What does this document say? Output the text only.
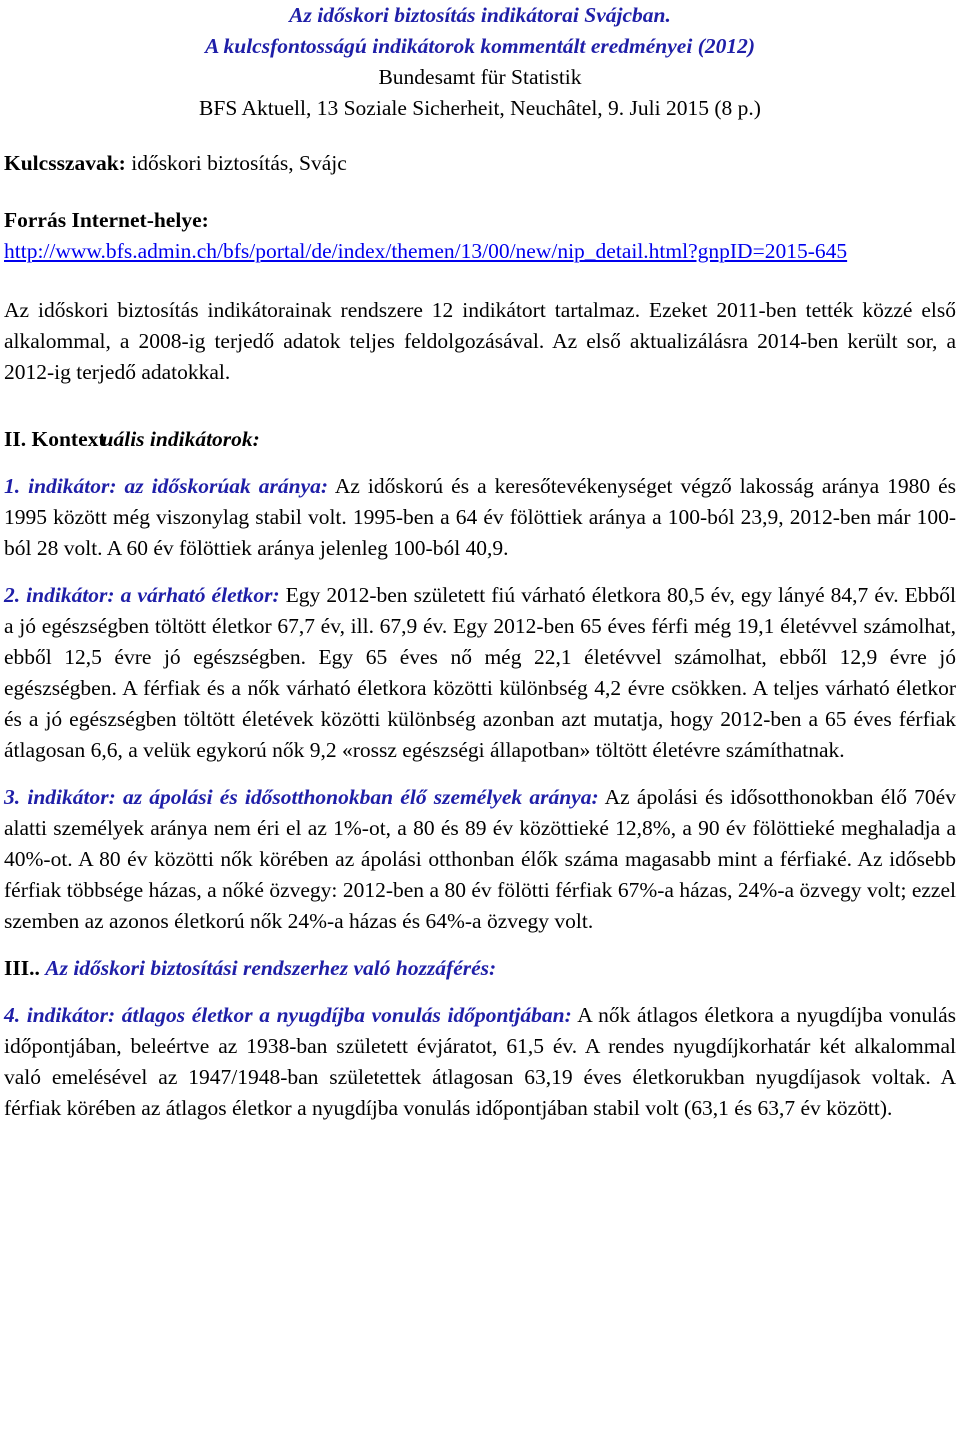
Az időskori biztosítás indikátorai Svájcban.
A kulcsfontosságú indikátorok kommentált eredményei (2012)
Bundesamt für Statistik
BFS Aktuell, 13 Soziale Sicherheit, Neuchâtel, 9. Juli 2015 (8 p.)
Kulcsszavak: időskori biztosítás, Svájc
Forrás Internet-helye:
http://www.bfs.admin.ch/bfs/portal/de/index/themen/13/00/new/nip_detail.html?gnpID=2015-645

Az időskori biztosítás indikátorainak rendszere 12 indikátort tartalmaz. Ezeket 2011-ben tették közzé első alkalommal, a 2008-ig terjedő adatok teljes feldolgozásával. Az első aktualizálásra 2014-ben került sor, a 2012-ig terjedő adatokkal.

II. Kontextuális indikátorok:

1. indikátor: az időskorúak aránya: Az időskorú és a keresőtevékenységet végző lakosság aránya 1980 és 1995 között még viszonylag stabil volt. 1995-ben a 64 év fölöttiek aránya a 100-ból 23,9, 2012-ben már 100-ból 28 volt. A 60 év fölöttiek aránya jelenleg 100-ból 40,9.

2. indikátor: a várható életkor: Egy 2012-ben született fiú várható életkora 80,5 év, egy lányé 84,7 év. Ebből a jó egészségben töltött életkor 67,7 év, ill. 67,9 év. Egy 2012-ben 65 éves férfi még 19,1 életévvel számolhat, ebből 12,5 évre jó egészségben. Egy 65 éves nő még 22,1 életévvel számolhat, ebből 12,9 évre jó egészségben. A férfiak és a nők várható életkora közötti különbség 4,2 évre csökken. A teljes várható életkor és a jó egészségben töltött életévek közötti különbség azonban azt mutatja, hogy 2012-ben a 65 éves férfiak átlagosan 6,6, a velük egykorú nők 9,2 «rossz egészségi állapotban» töltött életévre számíthatnak.

3. indikátor: az ápolási és idősotthonokban élő személyek aránya: Az ápolási és idősotthonokban élő 70év alatti személyek aránya nem éri el az 1%-ot, a 80 és 89 év közöttieké 12,8%, a 90 év fölöttieké meghaladja a 40%-ot. A 80 év közötti nők körében az ápolási otthonban élők száma magasabb mint a férfiaké. Az idősebb férfiak többsége házas, a nőké özvegy: 2012-ben a 80 év fölötti férfiak 67%-a házas, 24%-a özvegy volt; ezzel szemben az azonos életkorú nők 24%-a házas és 64%-a özvegy volt.

III.. Az időskori biztosítási rendszerhez való hozzáférés:

4. indikátor: átlagos életkor a nyugdíjba vonulás időpontjában: A nők átlagos életkora a nyugdíjba vonulás időpontjában, beleértve az 1938-ban született évjáratot, 61,5 év. A rendes nyugdíjkorhatár két alkalommal való emelésével az 1947/1948-ban születettek átlagosan 63,19 éves életkorukban nyugdíjasok voltak. A férfiak körében az átlagos életkor a nyugdíjba vonulás időpontjában stabil volt (63,1 és 63,7 év között).
